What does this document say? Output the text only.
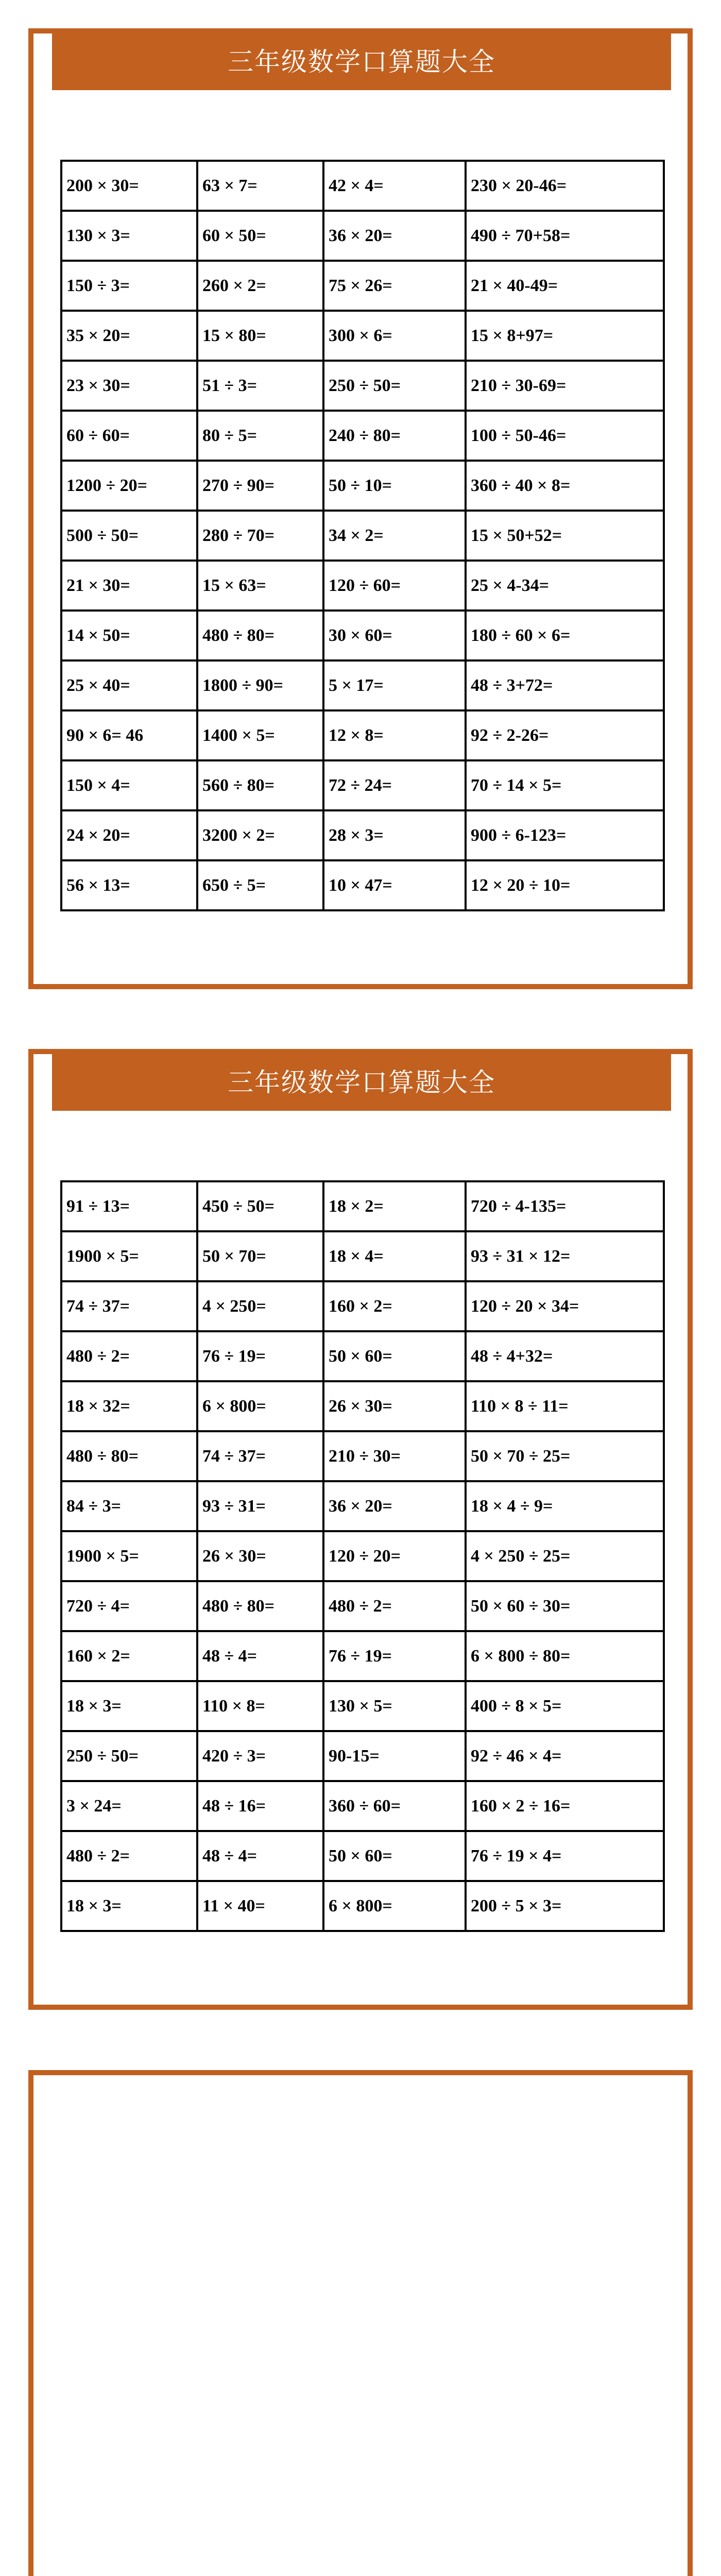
三年级数学口算题大全
200 × 30=	63 × 7=	42 × 4=	230 × 20-46=
130 × 3=	60 × 50=	36 × 20=	490 ÷ 70+58=
150 ÷ 3=	260 × 2=	75 × 26=	21 × 40-49=
35 × 20=	15 × 80=	300 × 6=	15 × 8+97=
23 × 30=	51 ÷ 3=	250 ÷ 50=	210 ÷ 30-69=
60 ÷ 60=	80 ÷ 5=	240 ÷ 80=	100 ÷ 50-46=
1200 ÷ 20=	270 ÷ 90=	50 ÷ 10=	360 ÷ 40 × 8=
500 ÷ 50=	280 ÷ 70=	34 × 2=	15 × 50+52=
21 × 30=	15 × 63=	120 ÷ 60=	25 × 4-34=
14 × 50=	480 ÷ 80=	30 × 60=	180 ÷ 60 × 6=
25 × 40=	1800 ÷ 90=	5 × 17=	48 ÷ 3+72=
90 × 6= 46	1400 × 5=	12 × 8=	92 ÷ 2-26=
150 × 4=	560 ÷ 80=	72 ÷ 24=	70 ÷ 14 × 5=
24 × 20=	3200 × 2=	28 × 3=	900 ÷ 6-123=
56 × 13=	650 ÷ 5=	10 × 47=	12 × 20 ÷ 10=
三年级数学口算题大全
91 ÷ 13=	450 ÷ 50=	18 × 2=	720 ÷ 4-135=
1900 × 5=	50 × 70=	18 × 4=	93 ÷ 31 × 12=
74 ÷ 37=	4 × 250=	160 × 2=	120 ÷ 20 × 34=
480 ÷ 2=	76 ÷ 19=	50 × 60=	48 ÷ 4+32=
18 × 32=	6 × 800=	26 × 30=	110 × 8 ÷ 11=
480 ÷ 80=	74 ÷ 37=	210 ÷ 30=	50 × 70 ÷ 25=
84 ÷ 3=	93 ÷ 31=	36 × 20=	18 × 4 ÷ 9=
1900 × 5=	26 × 30=	120 ÷ 20=	4 × 250 ÷ 25=
720 ÷ 4=	480 ÷ 80=	480 ÷ 2=	50 × 60 ÷ 30=
160 × 2=	48 ÷ 4=	76 ÷ 19=	6 × 800 ÷ 80=
18 × 3=	110 × 8=	130 × 5=	400 ÷ 8 × 5=
250 ÷ 50=	420 ÷ 3=	90-15=	92 ÷ 46 × 4=
3 × 24=	48 ÷ 16=	360 ÷ 60=	160 × 2 ÷ 16=
480 ÷ 2=	48 ÷ 4=	50 × 60=	76 ÷ 19 × 4=
18 × 3=	11 × 40=	6 × 800=	200 ÷ 5 × 3=
